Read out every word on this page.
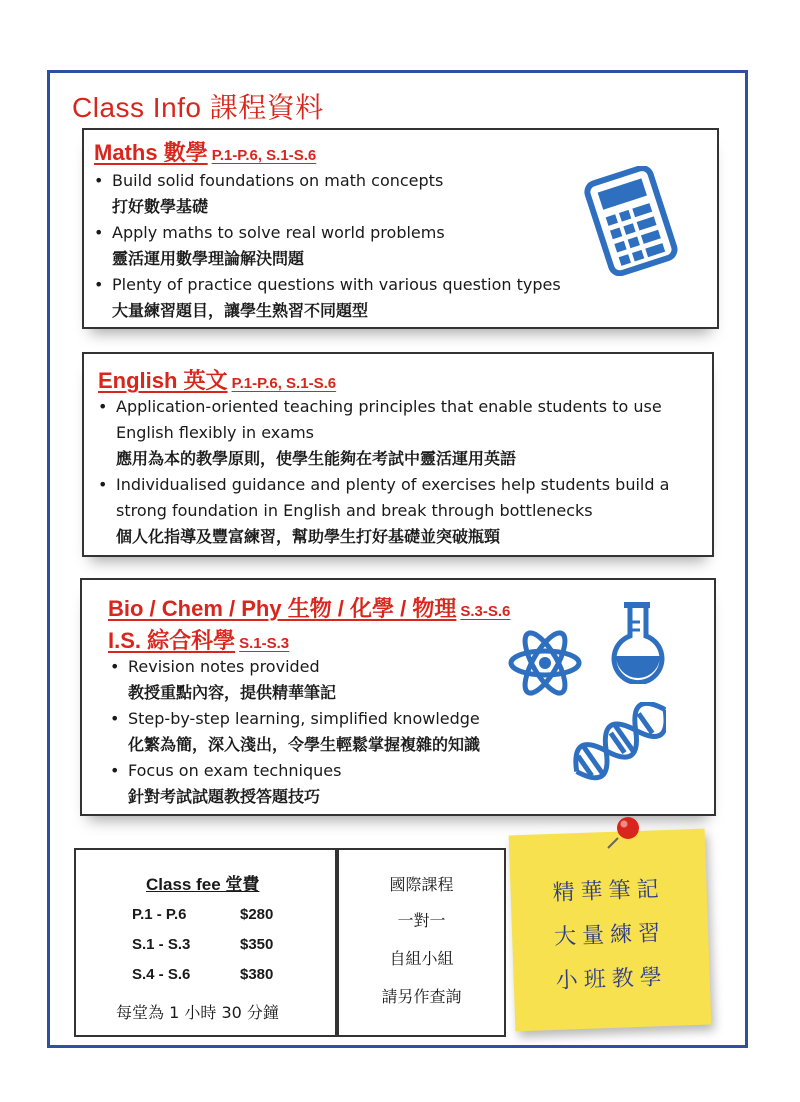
Class Info 課程資料
Maths 數學 P.1-P.6, S.1-S.6
• Build solid foundations on math concepts
打好數學基礎
• Apply maths to solve real world problems
靈活運用數學理論解決問題
• Plenty of practice questions with various question types
大量練習題目，讓學生熟習不同題型
English 英文 P.1-P.6, S.1-S.6
• Application-oriented teaching principles that enable students to use
English flexibly in exams
應用為本的教學原則，使學生能夠在考試中靈活運用英語
• Individualised guidance and plenty of exercises help students build a
strong foundation in English and break through bottlenecks
個人化指導及豐富練習，幫助學生打好基礎並突破瓶頸
Bio / Chem / Phy 生物 / 化學 / 物理 S.3-S.6
I.S. 綜合科學 S.1-S.3
• Revision notes provided
教授重點內容，提供精華筆記
• Step-by-step learning, simplified knowledge
化繁為簡，深入淺出，令學生輕鬆掌握複雜的知識
• Focus on exam techniques
針對考試試題教授答題技巧
Class fee 堂費
P.1 - P.6	$280
S.1 - S.3	$350
S.4 - S.6	$380
每堂為 1 小時 30 分鐘
國際課程
一對一
自組小組
請另作查詢
精華筆記
大量練習
小班教學
